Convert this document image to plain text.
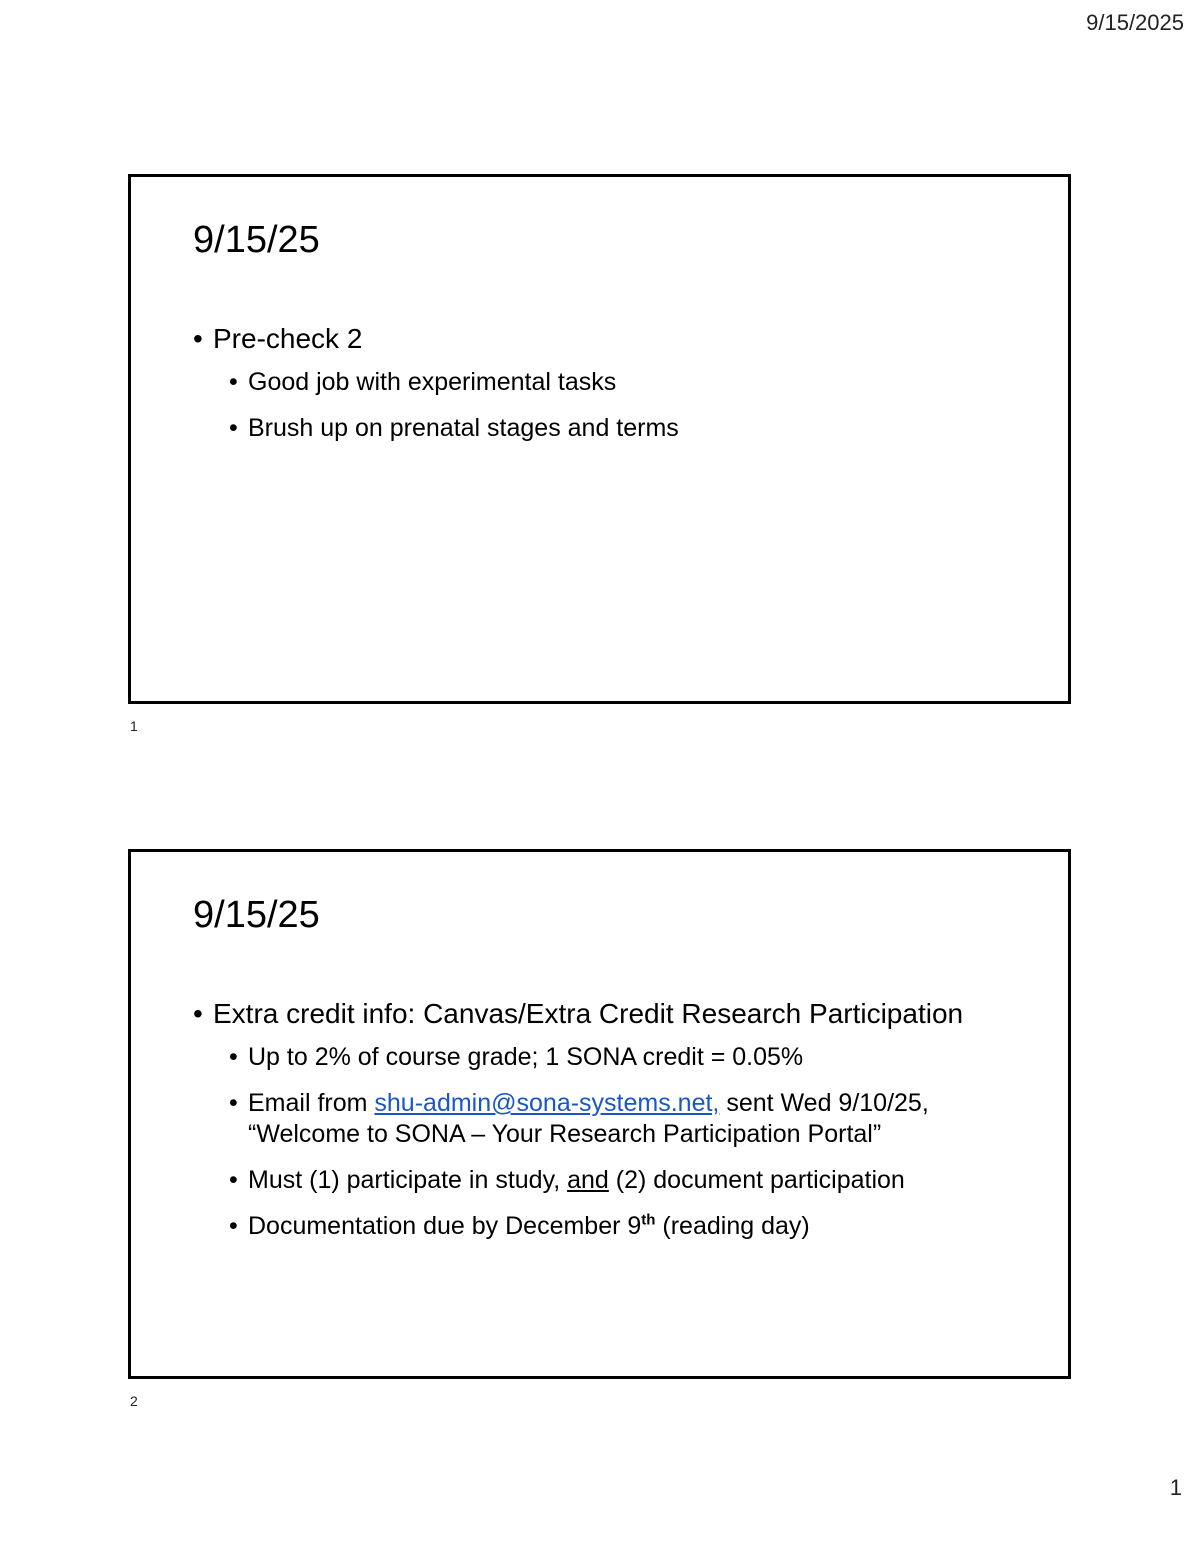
9/15/2025
9/15/25
• Pre-check 2
• Good job with experimental tasks
• Brush up on prenatal stages and terms
1
9/15/25
• Extra credit info: Canvas/Extra Credit Research Participation
• Up to 2% of course grade; 1 SONA credit = 0.05%
• Email from shu-admin@sona-systems.net, sent Wed 9/10/25,
“Welcome to SONA – Your Research Participation Portal”
• Must (1) participate in study, and (2) document participation
• Documentation due by December 9th (reading day)
2
1
